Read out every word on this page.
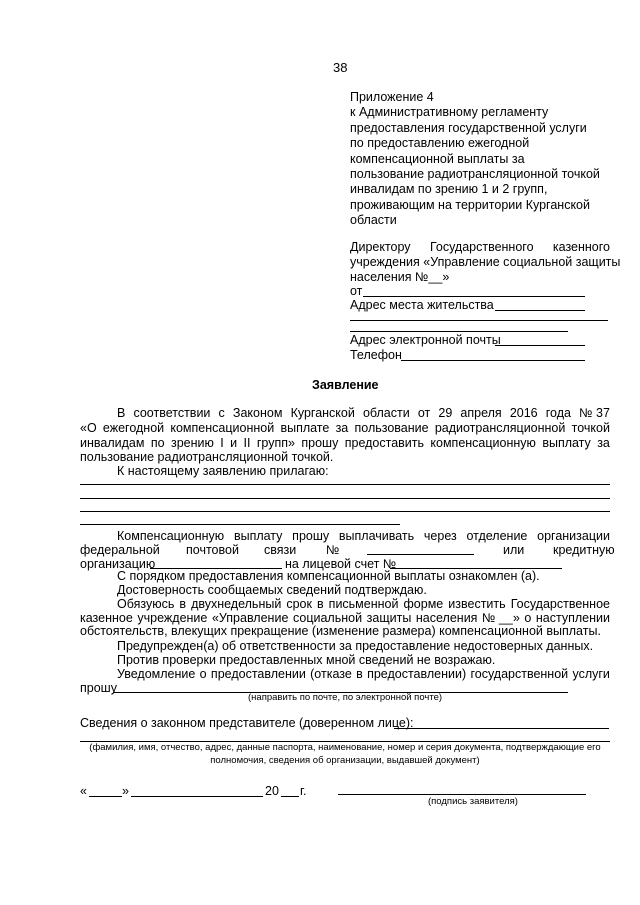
38
Приложение 4
к Административному регламенту
предоставления государственной услуги
по предоставлению ежегодной
компенсационной выплаты за
пользование радиотрансляционной точкой
инвалидам по зрению 1 и 2 групп,
проживающим на территории Курганской
области
Директору Государственного казенного
учреждения «Управление социальной защиты
населения №__»
от
Адрес места жительства
Адрес электронной почты
Телефон
Заявление
В соответствии с Законом Курганской области от 29 апреля 2016 года № 37
«О ежегодной компенсационной выплате за пользование радиотрансляционной точкой
инвалидам по зрению I и II групп» прошу предоставить компенсационную выплату за
пользование радиотрансляционной точкой.
К настоящему заявлению прилагаю:
Компенсационную выплату прошу выплачивать через отделение организации
федеральной почтовой связи №	или кредитную
организацию	на лицевой счет №
С порядком предоставления компенсационной выплаты ознакомлен (а).
Достоверность сообщаемых сведений подтверждаю.
Обязуюсь в двухнедельный срок в письменной форме известить Государственное
казенное учреждение «Управление социальной защиты населения № __» о наступлении
обстоятельств, влекущих прекращение (изменение размера) компенсационной выплаты.
Предупрежден(а) об ответственности за предоставление недостоверных данных.
Против проверки предоставленных мной сведений не возражаю.
Уведомление о предоставлении (отказе в предоставлении) государственной услуги
прошу
(направить по почте, по электронной почте)
Сведения о законном представителе (доверенном лице):
(фамилия, имя, отчество, адрес, данные паспорта, наименование, номер и серия документа, подтверждающие его
полномочия, сведения об организации, выдавшей документ)
«	»	20 г.
(подпись заявителя)
